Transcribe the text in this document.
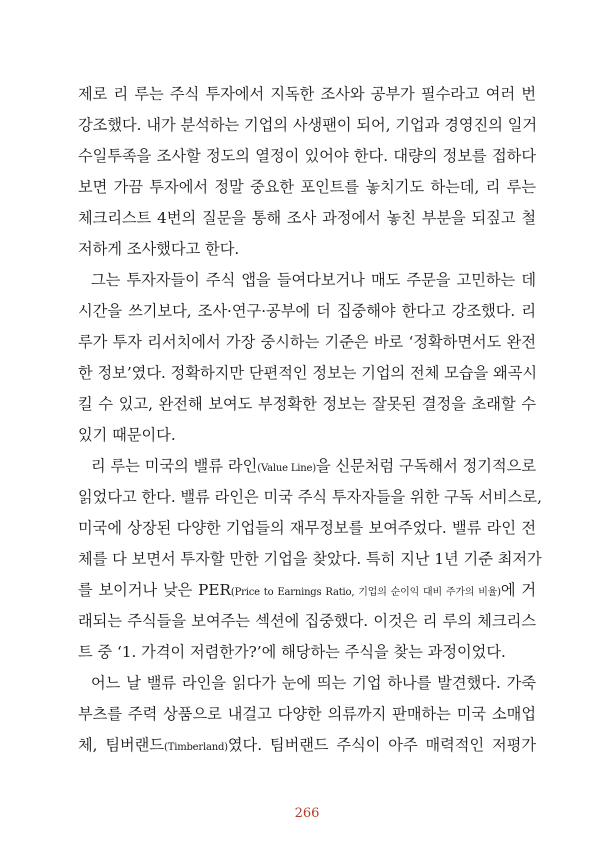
제로 리 루는 주식 투자에서 지독한 조사와 공부가 필수라고 여러 번
강조했다. 내가 분석하는 기업의 사생팬이 되어, 기업과 경영진의 일거
수일투족을 조사할 정도의 열정이 있어야 한다. 대량의 정보를 접하다
보면 가끔 투자에서 정말 중요한 포인트를 놓치기도 하는데, 리 루는
체크리스트 4번의 질문을 통해 조사 과정에서 놓친 부분을 되짚고 철
저하게 조사했다고 한다.
그는 투자자들이 주식 앱을 들여다보거나 매도 주문을 고민하는 데
시간을 쓰기보다, 조사·연구·공부에 더 집중해야 한다고 강조했다. 리
루가 투자 리서치에서 가장 중시하는 기준은 바로 ‘정확하면서도 완전
한 정보’였다. 정확하지만 단편적인 정보는 기업의 전체 모습을 왜곡시
킬 수 있고, 완전해 보여도 부정확한 정보는 잘못된 결정을 초래할 수
있기 때문이다.
리 루는 미국의 밸류 라인(Value Line)을 신문처럼 구독해서 정기적으로
읽었다고 한다. 밸류 라인은 미국 주식 투자자들을 위한 구독 서비스로,
미국에 상장된 다양한 기업들의 재무정보를 보여주었다. 밸류 라인 전
체를 다 보면서 투자할 만한 기업을 찾았다. 특히 지난 1년 기준 최저가
를 보이거나 낮은 PER(Price to Earnings Ratio, 기업의 순이익 대비 주가의 비율)에 거
래되는 주식들을 보여주는 섹션에 집중했다. 이것은 리 루의 체크리스
트 중 ‘1. 가격이 저렴한가?’에 해당하는 주식을 찾는 과정이었다.
어느 날 밸류 라인을 읽다가 눈에 띄는 기업 하나를 발견했다. 가죽
부츠를 주력 상품으로 내걸고 다양한 의류까지 판매하는 미국 소매업
체, 팀버랜드(Timberland)였다. 팀버랜드 주식이 아주 매력적인 저평가
266
